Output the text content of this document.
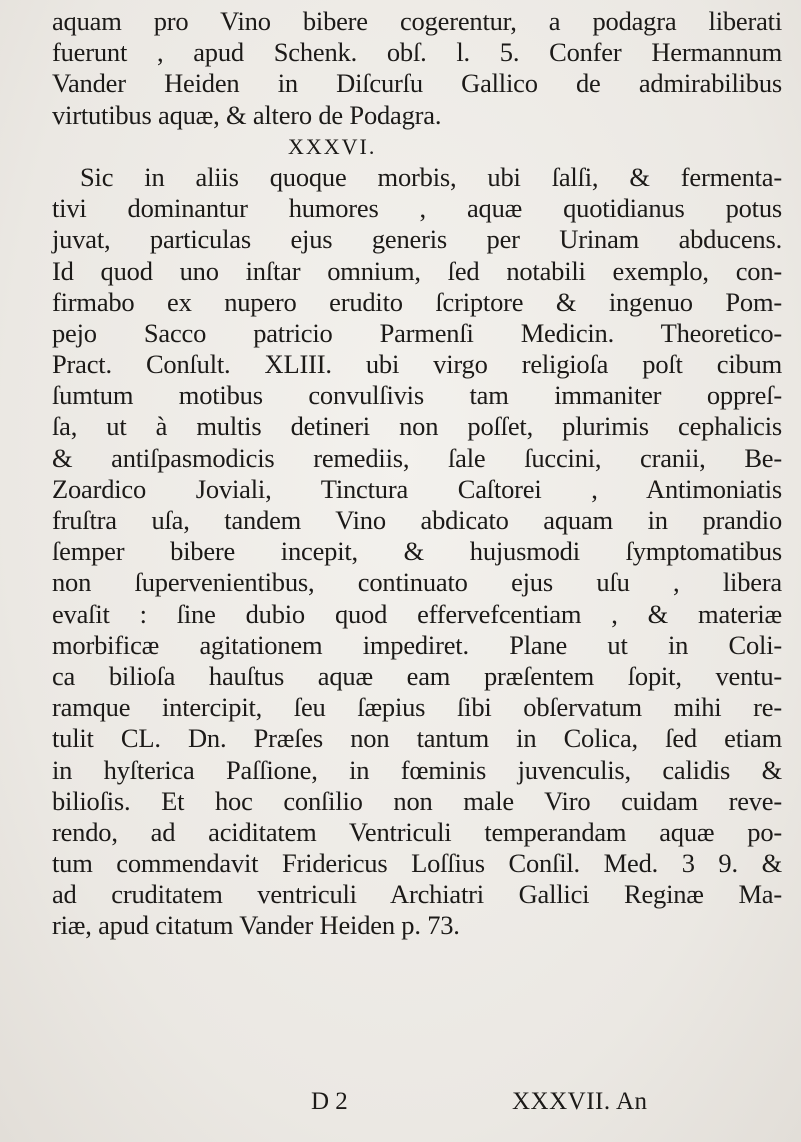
aquam pro Vino bibere cogerentur, a podagra liberati
fuerunt , apud Schenk. obſ. l. 5. Confer Hermannum
Vander Heiden in Diſcurſu Gallico de admirabilibus
virtutibus aquæ, & altero de Podagra.
XXXVI.
Sic in aliis quoque morbis, ubi ſalſi, & fermenta-
tivi dominantur humores , aquæ quotidianus potus
juvat, particulas ejus generis per Urinam abducens.
Id quod uno inſtar omnium, ſed notabili exemplo, con-
firmabo ex nupero erudito ſcriptore & ingenuo Pom-
pejo Sacco patricio Parmenſi Medicin. Theoretico-
Pract. Conſult. XLIII. ubi virgo religioſa poſt cibum
ſumtum motibus convulſivis tam immaniter oppreſ-
ſa, ut à multis detineri non poſſet, plurimis cephalicis
& antiſpasmodicis remediis, ſale ſuccini, cranii, Be-
Zoardico Joviali, Tinctura Caſtorei , Antimoniatis
fruſtra uſa, tandem Vino abdicato aquam in prandio
ſemper bibere incepit, & hujusmodi ſymptomatibus
non ſupervenientibus, continuato ejus uſu , libera
evaſit : ſine dubio quod effervefcentiam , & materiæ
morbificæ agitationem impediret. Plane ut in Coli-
ca bilioſa hauſtus aquæ eam præſentem ſopit, ventu-
ramque intercipit, ſeu ſæpius ſibi obſervatum mihi re-
tulit CL. Dn. Præſes non tantum in Colica, ſed etiam
in hyſterica Paſſione, in fœminis juvenculis, calidis &
bilioſis. Et hoc conſilio non male Viro cuidam reve-
rendo, ad aciditatem Ventriculi temperandam aquæ po-
tum commendavit Fridericus Loſſius Conſil. Med. 3 9. &
ad cruditatem ventriculi Archiatri Gallici Reginæ Ma-
riæ, apud citatum Vander Heiden p. 73.
D 2	XXXVII. An
